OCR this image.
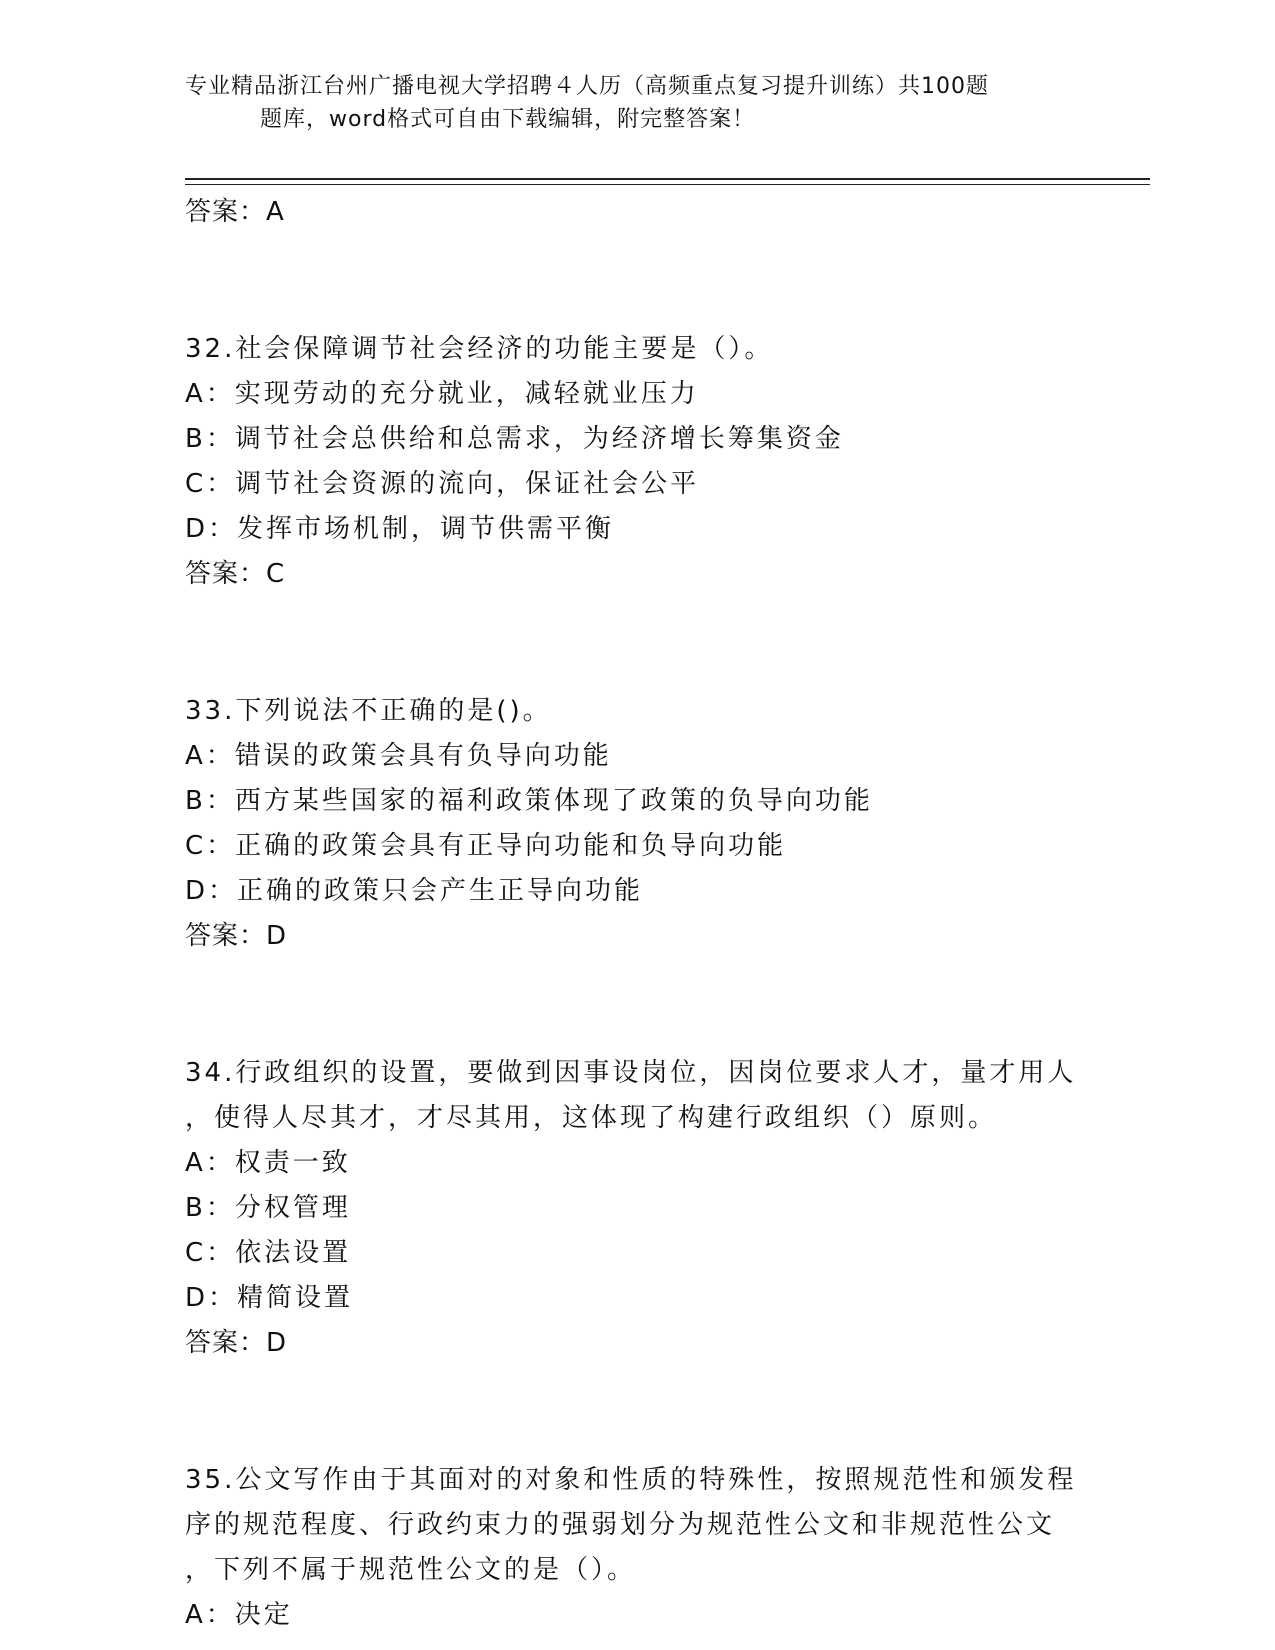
专业精品浙江台州广播电视大学招聘４人历（高频重点复习提升训练）共100题
题库，word格式可自由下载编辑，附完整答案！
答案：A
32.社会保障调节社会经济的功能主要是（）。
A：实现劳动的充分就业，减轻就业压力
B：调节社会总供给和总需求，为经济增长筹集资金
C：调节社会资源的流向，保证社会公平
D：发挥市场机制，调节供需平衡
答案：C
33.下列说法不正确的是()。
A：错误的政策会具有负导向功能
B：西方某些国家的福利政策体现了政策的负导向功能
C：正确的政策会具有正导向功能和负导向功能
D：正确的政策只会产生正导向功能
答案：D
34.行政组织的设置，要做到因事设岗位，因岗位要求人才，量才用人
，使得人尽其才，才尽其用，这体现了构建行政组织（）原则。
A：权责一致
B：分权管理
C：依法设置
D：精简设置
答案：D
35.公文写作由于其面对的对象和性质的特殊性，按照规范性和颁发程
序的规范程度、行政约束力的强弱划分为规范性公文和非规范性公文
，下列不属于规范性公文的是（）。
A：决定
